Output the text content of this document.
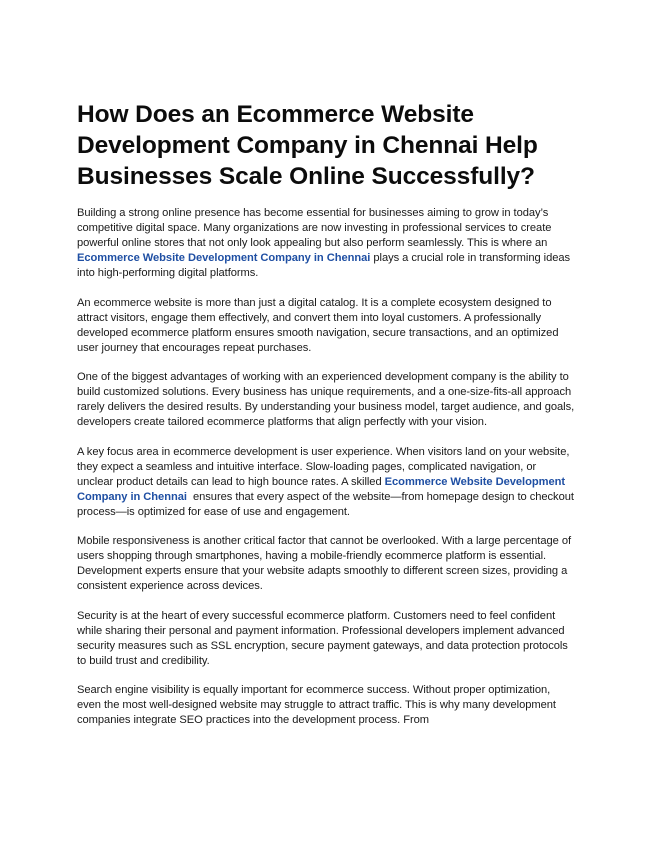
How Does an Ecommerce Website Development Company in Chennai Help Businesses Scale Online Successfully?

Building a strong online presence has become essential for businesses aiming to grow in today’s competitive digital space. Many organizations are now investing in professional services to create powerful online stores that not only look appealing but also perform seamlessly. This is where an Ecommerce Website Development Company in Chennai plays a crucial role in transforming ideas into high-performing digital platforms.

An ecommerce website is more than just a digital catalog. It is a complete ecosystem designed to attract visitors, engage them effectively, and convert them into loyal customers. A professionally developed ecommerce platform ensures smooth navigation, secure transactions, and an optimized user journey that encourages repeat purchases.

One of the biggest advantages of working with an experienced development company is the ability to build customized solutions. Every business has unique requirements, and a one-size-fits-all approach rarely delivers the desired results. By understanding your business model, target audience, and goals, developers create tailored ecommerce platforms that align perfectly with your vision.

A key focus area in ecommerce development is user experience. When visitors land on your website, they expect a seamless and intuitive interface. Slow-loading pages, complicated navigation, or unclear product details can lead to high bounce rates. A skilled Ecommerce Website Development Company in Chennai  ensures that every aspect of the website—from homepage design to checkout process—is optimized for ease of use and engagement.

Mobile responsiveness is another critical factor that cannot be overlooked. With a large percentage of users shopping through smartphones, having a mobile-friendly ecommerce platform is essential. Development experts ensure that your website adapts smoothly to different screen sizes, providing a consistent experience across devices.

Security is at the heart of every successful ecommerce platform. Customers need to feel confident while sharing their personal and payment information. Professional developers implement advanced security measures such as SSL encryption, secure payment gateways, and data protection protocols to build trust and credibility.

Search engine visibility is equally important for ecommerce success. Without proper optimization, even the most well-designed website may struggle to attract traffic. This is why many development companies integrate SEO practices into the development process. From
